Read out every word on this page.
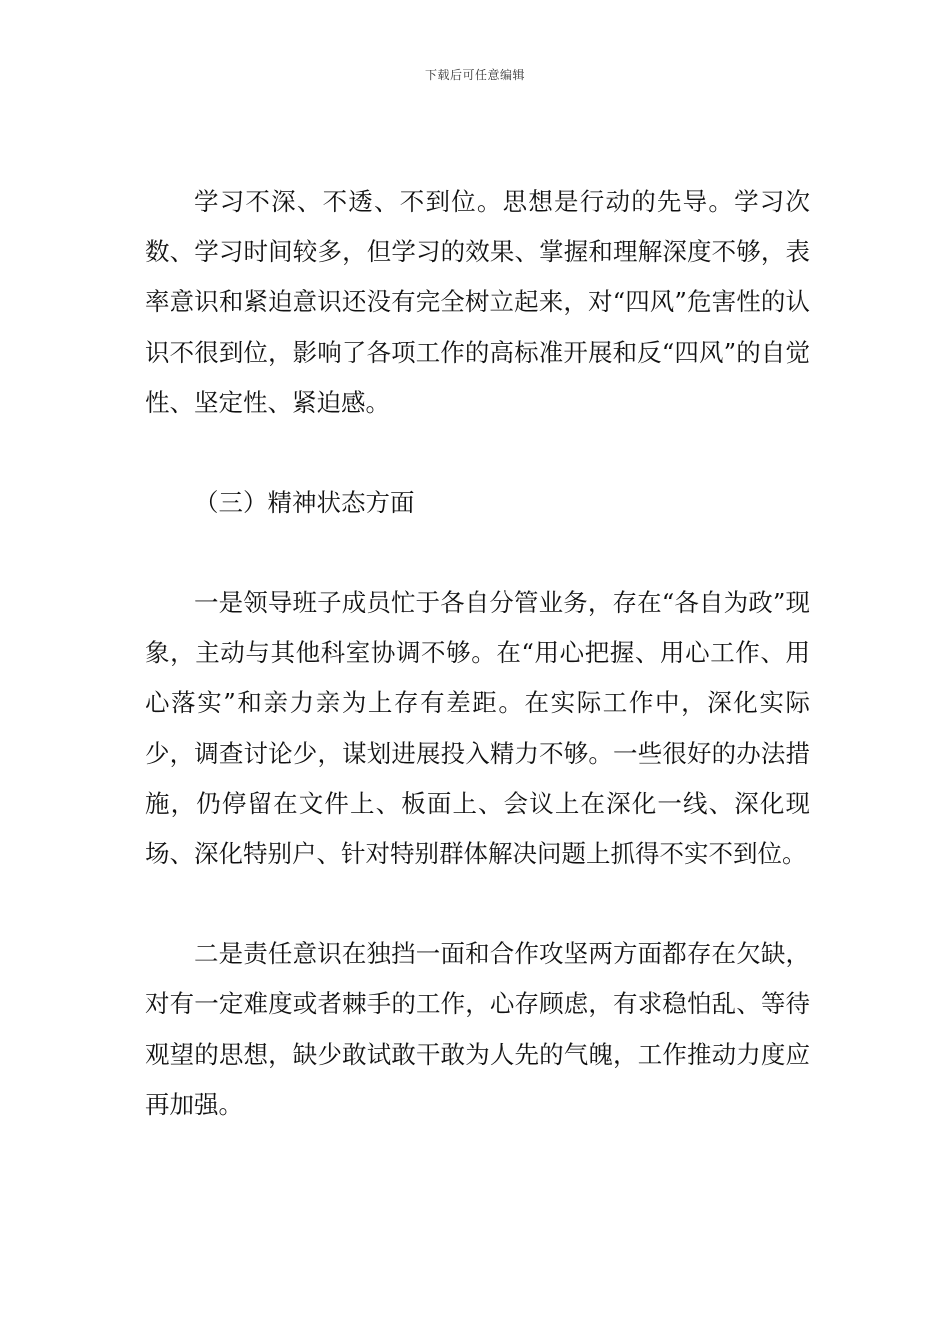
下载后可任意编辑

学习不深、不透、不到位。思想是行动的先导。学习次数、学习时间较多，但学习的效果、掌握和理解深度不够，表率意识和紧迫意识还没有完全树立起来，对“四风”危害性的认识不很到位，影响了各项工作的高标准开展和反“四风”的自觉性、坚定性、紧迫感。

（三）精神状态方面

一是领导班子成员忙于各自分管业务，存在“各自为政”现象，主动与其他科室协调不够。在“用心把握、用心工作、用心落实”和亲力亲为上存有差距。在实际工作中，深化实际少，调查讨论少，谋划进展投入精力不够。一些很好的办法措施，仍停留在文件上、板面上、会议上在深化一线、深化现场、深化特别户、针对特别群体解决问题上抓得不实不到位。

二是责任意识在独挡一面和合作攻坚两方面都存在欠缺，对有一定难度或者棘手的工作，心存顾虑，有求稳怕乱、等待观望的思想，缺少敢试敢干敢为人先的气魄，工作推动力度应再加强。
